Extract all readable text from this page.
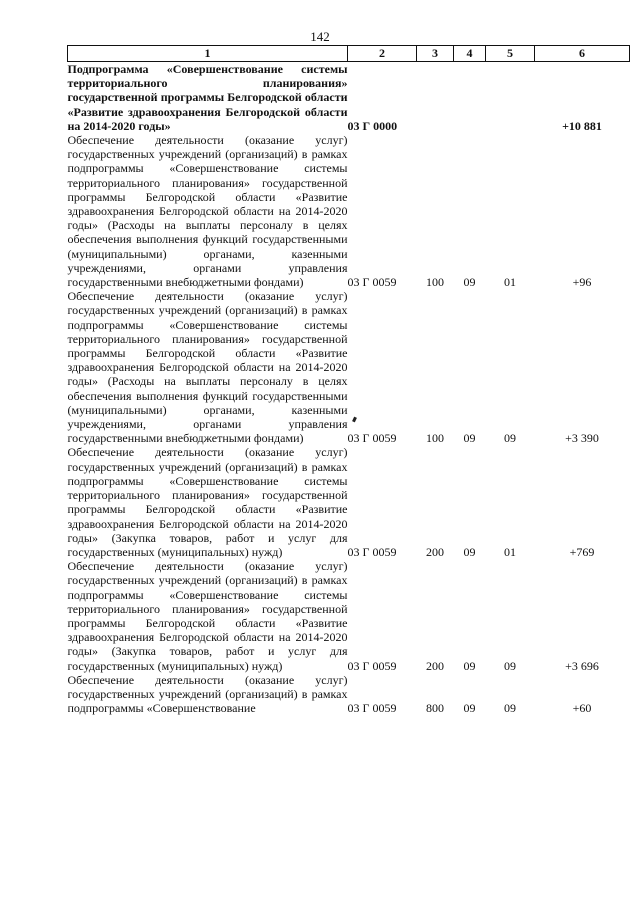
142
1	2	3	4	5	6
Подпрограмма «Совершенствование системы территориального планирования» государственной программы Белгородской области «Развитие здравоохранения Белгородской области на 2014-2020 годы»	03 Г 0000				+10 881
Обеспечение деятельности (оказание услуг) государственных учреждений (организаций) в рамках подпрограммы «Совершенствование системы территориального планирования» государственной программы Белгородской области «Развитие здравоохранения Белгородской области на 2014-2020 годы» (Расходы на выплаты персоналу в целях обеспечения выполнения функций государственными (муниципальными) органами, казенными учреждениями, органами управления государственными внебюджетными фондами)	03 Г 0059	100	09	01	+96
Обеспечение деятельности (оказание услуг) государственных учреждений (организаций) в рамках подпрограммы «Совершенствование системы территориального планирования» государственной программы Белгородской области «Развитие здравоохранения Белгородской области на 2014-2020 годы» (Расходы на выплаты персоналу в целях обеспечения выполнения функций государственными (муниципальными) органами, казенными учреждениями, органами управления государственными внебюджетными фондами)	03 Г 0059	100	09	09	+3 390
Обеспечение деятельности (оказание услуг) государственных учреждений (организаций) в рамках подпрограммы «Совершенствование системы территориального планирования» государственной программы Белгородской области «Развитие здравоохранения Белгородской области на 2014-2020 годы» (Закупка товаров, работ и услуг для государственных (муниципальных) нужд)	03 Г 0059	200	09	01	+769
Обеспечение деятельности (оказание услуг) государственных учреждений (организаций) в рамках подпрограммы «Совершенствование системы территориального планирования» государственной программы Белгородской области «Развитие здравоохранения Белгородской области на 2014-2020 годы» (Закупка товаров, работ и услуг для государственных (муниципальных) нужд)	03 Г 0059	200	09	09	+3 696
Обеспечение деятельности (оказание услуг) государственных учреждений (организаций) в рамках подпрограммы «Совершенствование	03 Г 0059	800	09	09	+60
